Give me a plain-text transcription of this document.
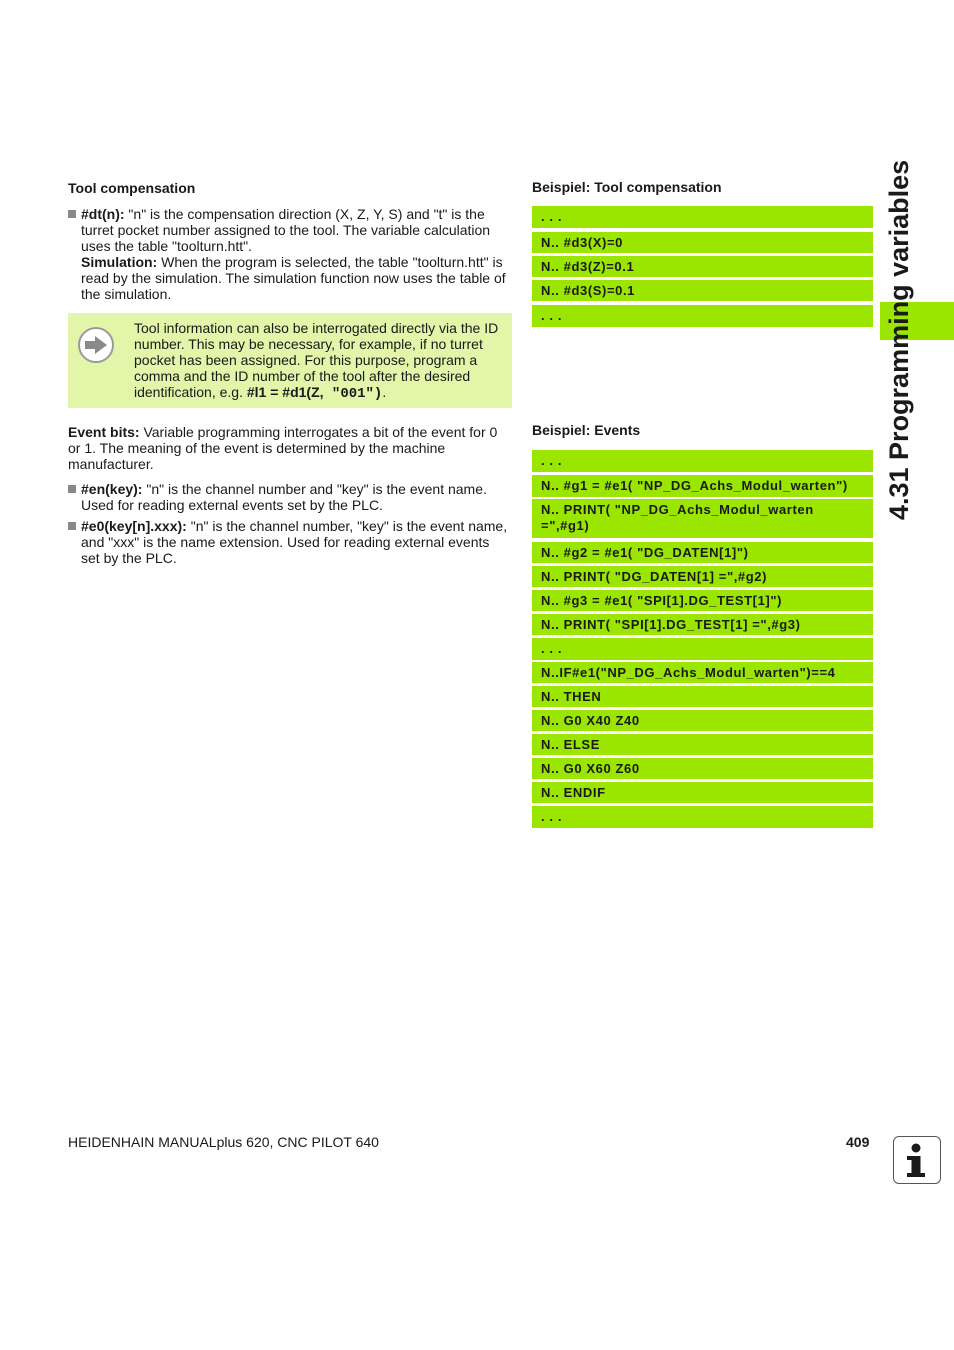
Tool compensation
#dt(n): "n" is the compensation direction (X, Z, Y, S) and "t" is the turret pocket number assigned to the tool. The variable calculation uses the table "toolturn.htt".
Simulation: When the program is selected, the table "toolturn.htt" is read by the simulation. The simulation function now uses the table of the simulation.
Tool information can also be interrogated directly via the ID number. This may be necessary, for example, if no turret pocket has been assigned. For this purpose, program a comma and the ID number of the tool after the desired identification, e.g. #l1 = #d1(Z, "001").
Event bits: Variable programming interrogates a bit of the event for 0 or 1. The meaning of the event is determined by the machine manufacturer.
#en(key): "n" is the channel number and "key" is the event name. Used for reading external events set by the PLC.
#e0(key[n].xxx): "n" is the channel number, "key" is the event name, and "xxx" is the name extension. Used for reading external events set by the PLC.
Beispiel: Tool compensation
. . .
N.. #d3(X)=0
N.. #d3(Z)=0.1
N.. #d3(S)=0.1
. . .
Beispiel: Events
. . .
N.. #g1 = #e1( "NP_DG_Achs_Modul_warten")
N.. PRINT( "NP_DG_Achs_Modul_warten
=",#g1)
N.. #g2 = #e1( "DG_DATEN[1]")
N.. PRINT( "DG_DATEN[1] =",#g2)
N.. #g3 = #e1( "SPI[1].DG_TEST[1]")
N.. PRINT( "SPI[1].DG_TEST[1] =",#g3)
. . .
N..IF#e1("NP_DG_Achs_Modul_warten")==4
N.. THEN
N.. G0 X40 Z40
N.. ELSE
N.. G0 X60 Z60
N.. ENDIF
. . .
4.31 Programming variables
HEIDENHAIN MANUALplus 620, CNC PILOT 640	409
